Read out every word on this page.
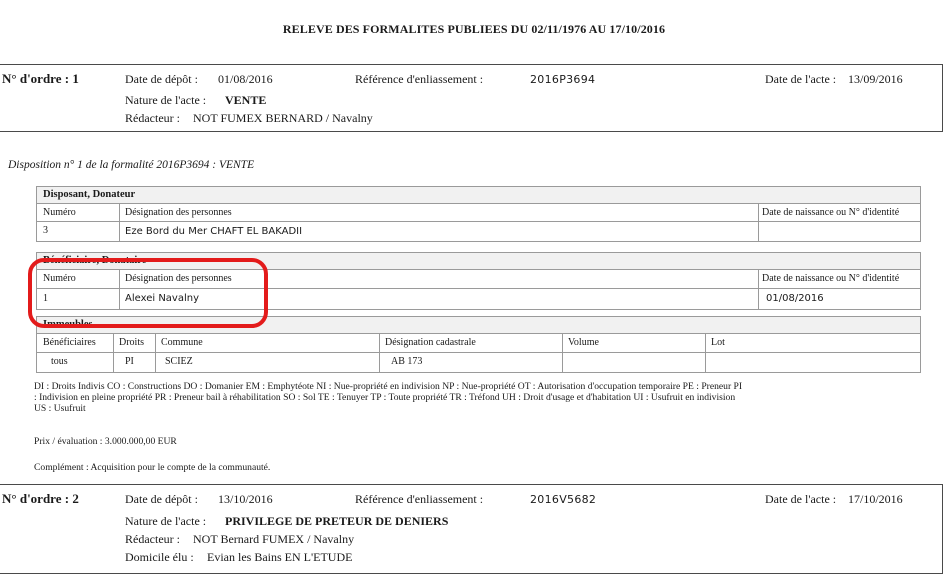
RELEVE DES FORMALITES PUBLIEES DU 02/11/1976 AU 17/10/2016
N° d'ordre : 1	Date de dépôt : 01/08/2016	Référence d'enliassement :	2016P3694	Date de l'acte : 13/09/2016
Nature de l'acte : VENTE
Rédacteur : NOT FUMEX BERNARD / Navalny
Disposition n° 1 de la formalité 2016P3694 : VENTE
Disposant, Donateur
Numéro	Désignation des personnes	Date de naissance ou N° d'identité
3	Eze Bord du Mer CHAFT EL BAKADII
Bénéficiaire, Donataire
Numéro	Désignation des personnes	Date de naissance ou N° d'identité
1	Alexei Navalny	01/08/2016
Immeubles
Bénéficiaires	Droits	Commune	Désignation cadastrale	Volume	Lot
tous	PI	SCIEZ	AB 173
DI : Droits Indivis CO : Constructions DO : Domanier EM : Emphytéote NI : Nue-propriété en indivision NP : Nue-propriété OT : Autorisation d'occupation temporaire PE : Preneur PI
: Indivision en pleine propriété PR : Preneur bail à réhabilitation SO : Sol TE : Tenuyer TP : Toute propriété TR : Tréfond UH : Droit d'usage et d'habitation UI : Usufruit en indivision
US : Usufruit
Prix / évaluation : 3.000.000,00 EUR
Complément : Acquisition pour le compte de la communauté.
N° d'ordre : 2	Date de dépôt : 13/10/2016	Référence d'enliassement :	2016V5682	Date de l'acte : 17/10/2016
Nature de l'acte : PRIVILEGE DE PRETEUR DE DENIERS
Rédacteur : NOT Bernard FUMEX / Navalny
Domicile élu : Evian les Bains EN L'ETUDE
